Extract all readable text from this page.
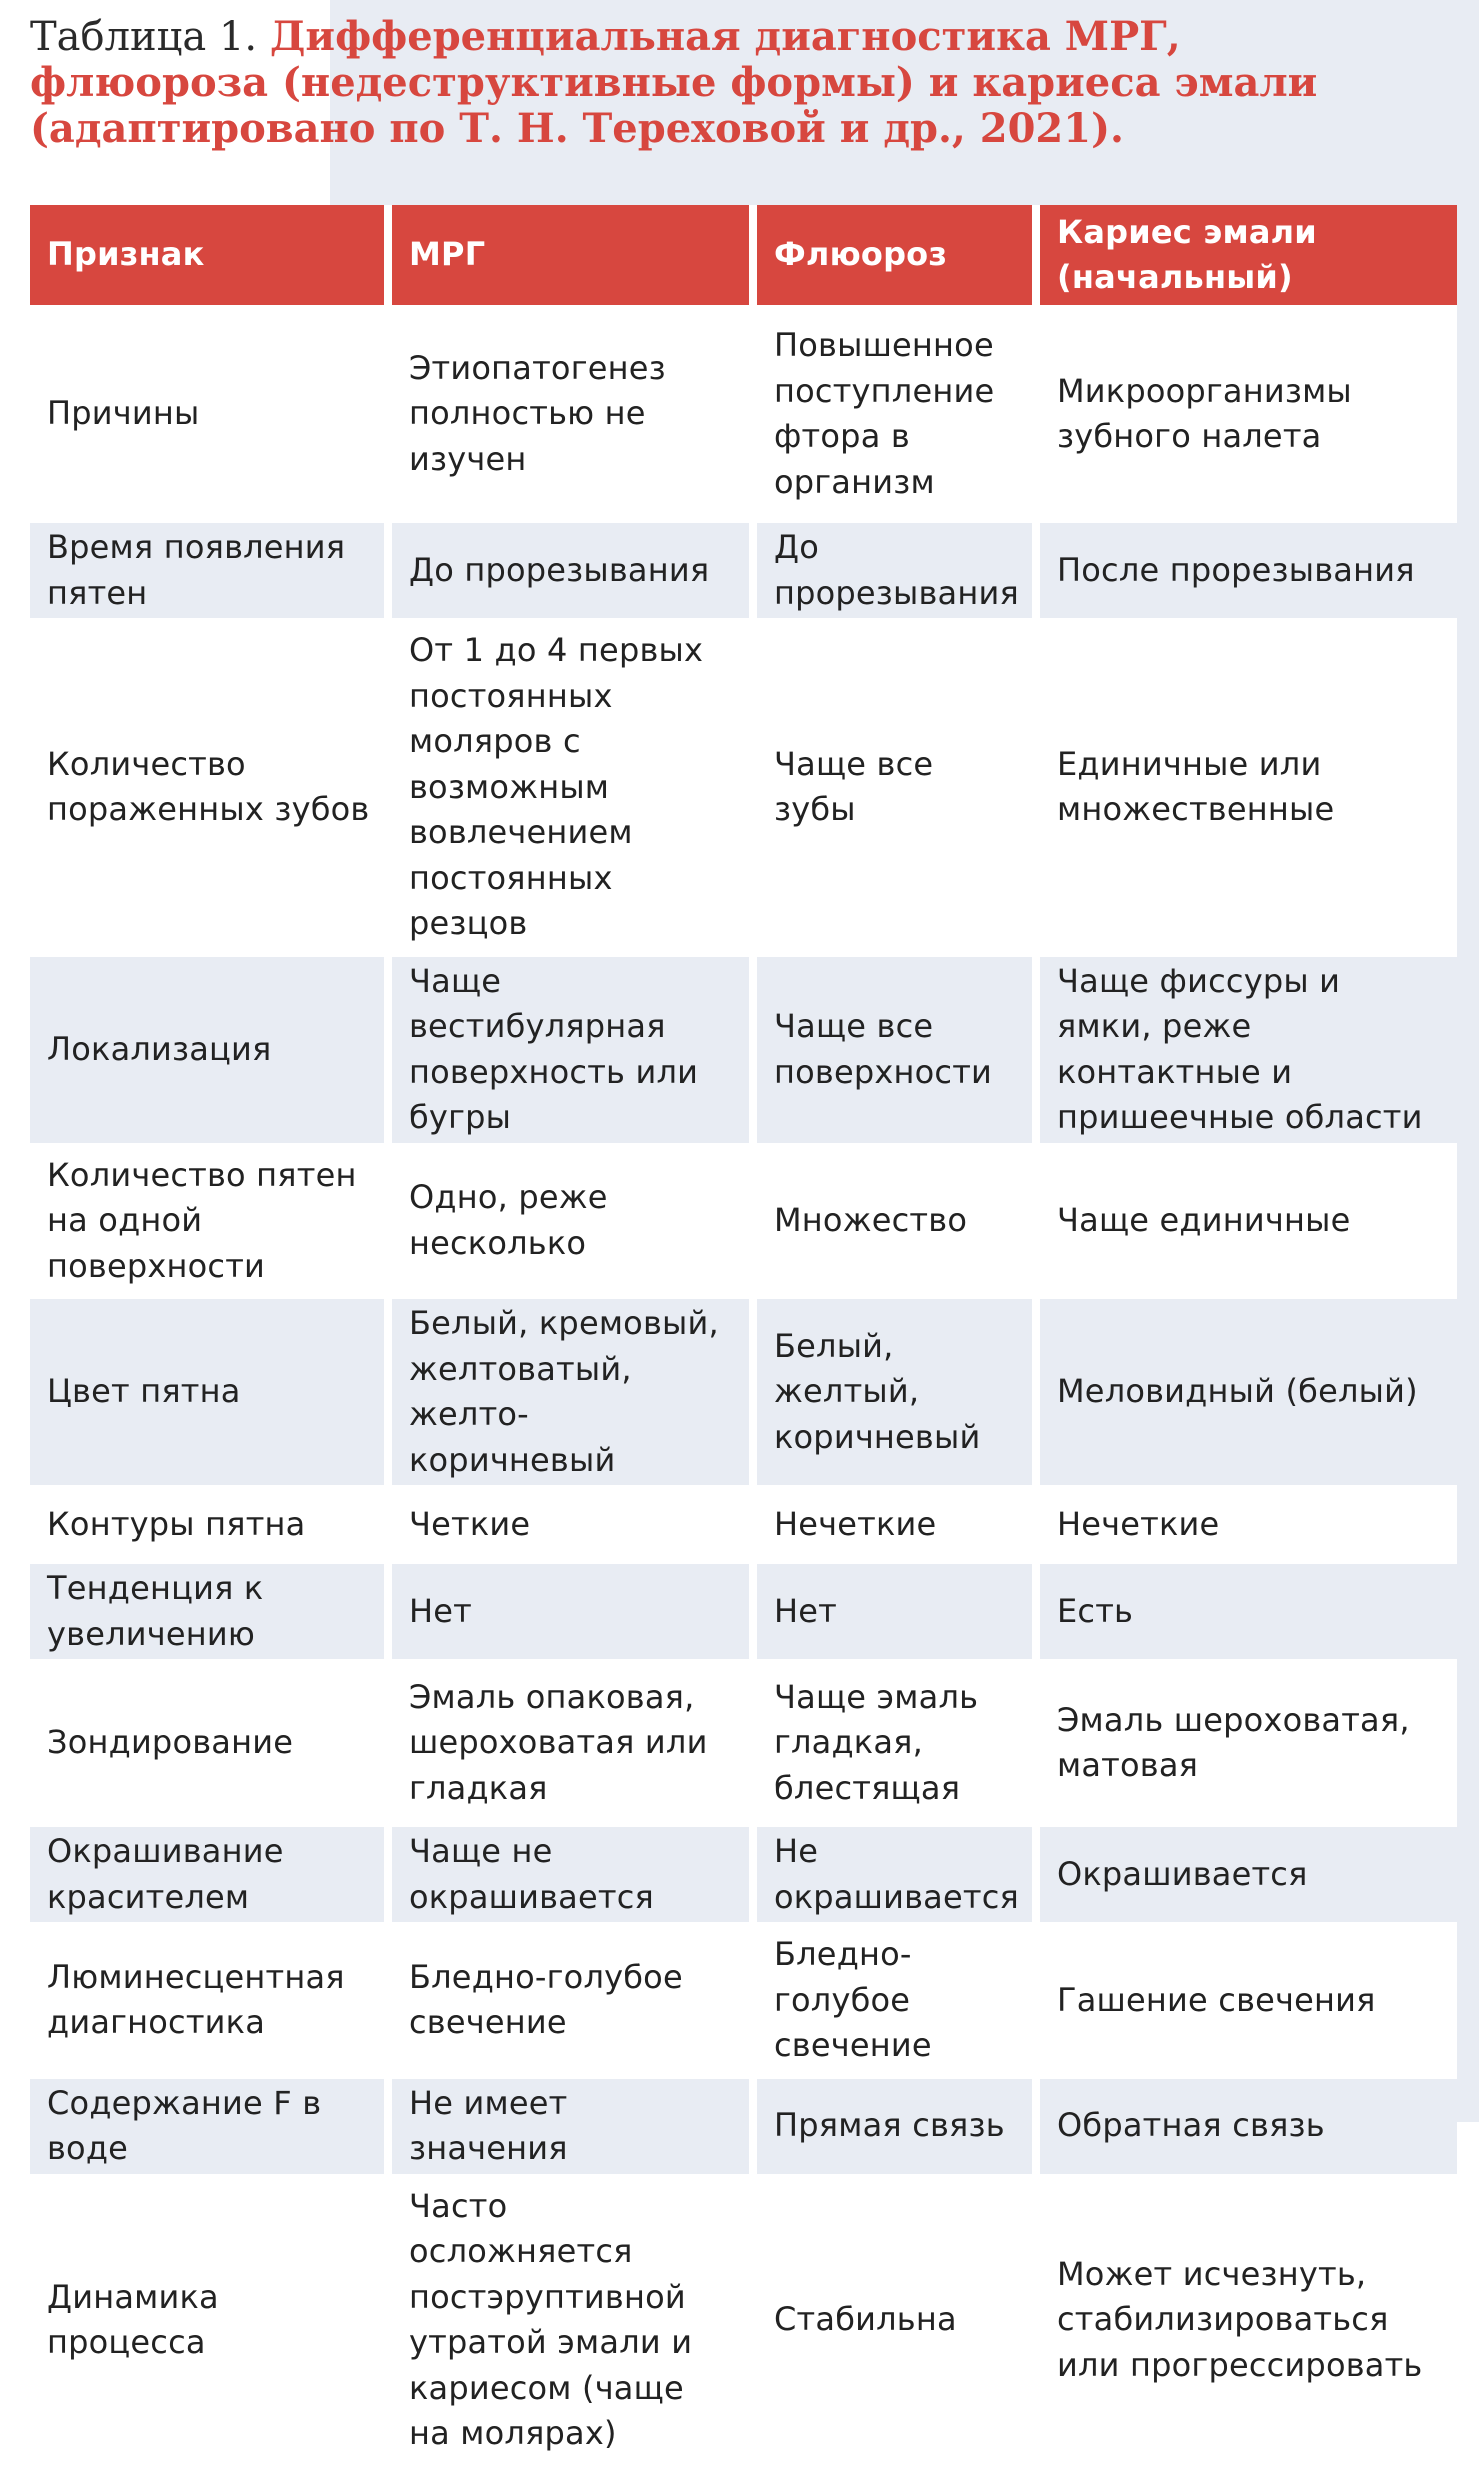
Таблица 1. Дифференциальная диагностика МРГ, флюороза (недеструктивные формы) и кариеса эмали (адаптировано по Т. Н. Тереховой и др., 2021).
Признак	МРГ	Флюороз	Кариес эмали (начальный)
Причины	Этиопатогенез полностью не изучен	Повышенное поступление фтора в организм	Микроорганизмы зубного налета
Время появления пятен	До прорезывания	До прорезывания	После прорезывания
Количество пораженных зубов	От 1 до 4 первых постоянных моляров с возможным вовлечением постоянных резцов	Чаще все зубы	Единичные или множественные
Локализация	Чаще вестибулярная поверхность или бугры	Чаще все поверхности	Чаще фиссуры и ямки, реже контактные и пришеечные области
Количество пятен на одной поверхности	Одно, реже несколько	Множество	Чаще единичные
Цвет пятна	Белый, кремовый, желтоватый, желто-коричневый	Белый, желтый, коричневый	Меловидный (белый)
Контуры пятна	Четкие	Нечеткие	Нечеткие
Тенденция к увеличению	Нет	Нет	Есть
Зондирование	Эмаль опаковая, шероховатая или гладкая	Чаще эмаль гладкая, блестящая	Эмаль шероховатая, матовая
Окрашивание красителем	Чаще не окрашивается	Не окрашивается	Окрашивается
Люминесцентная диагностика	Бледно-голубое свечение	Бледно-голубое свечение	Гашение свечения
Содержание F в воде	Не имеет значения	Прямая связь	Обратная связь
Динамика процесса	Часто осложняется постэруптивной утратой эмали и кариесом (чаще на молярах)	Стабильна	Может исчезнуть, стабилизироваться или прогрессировать
